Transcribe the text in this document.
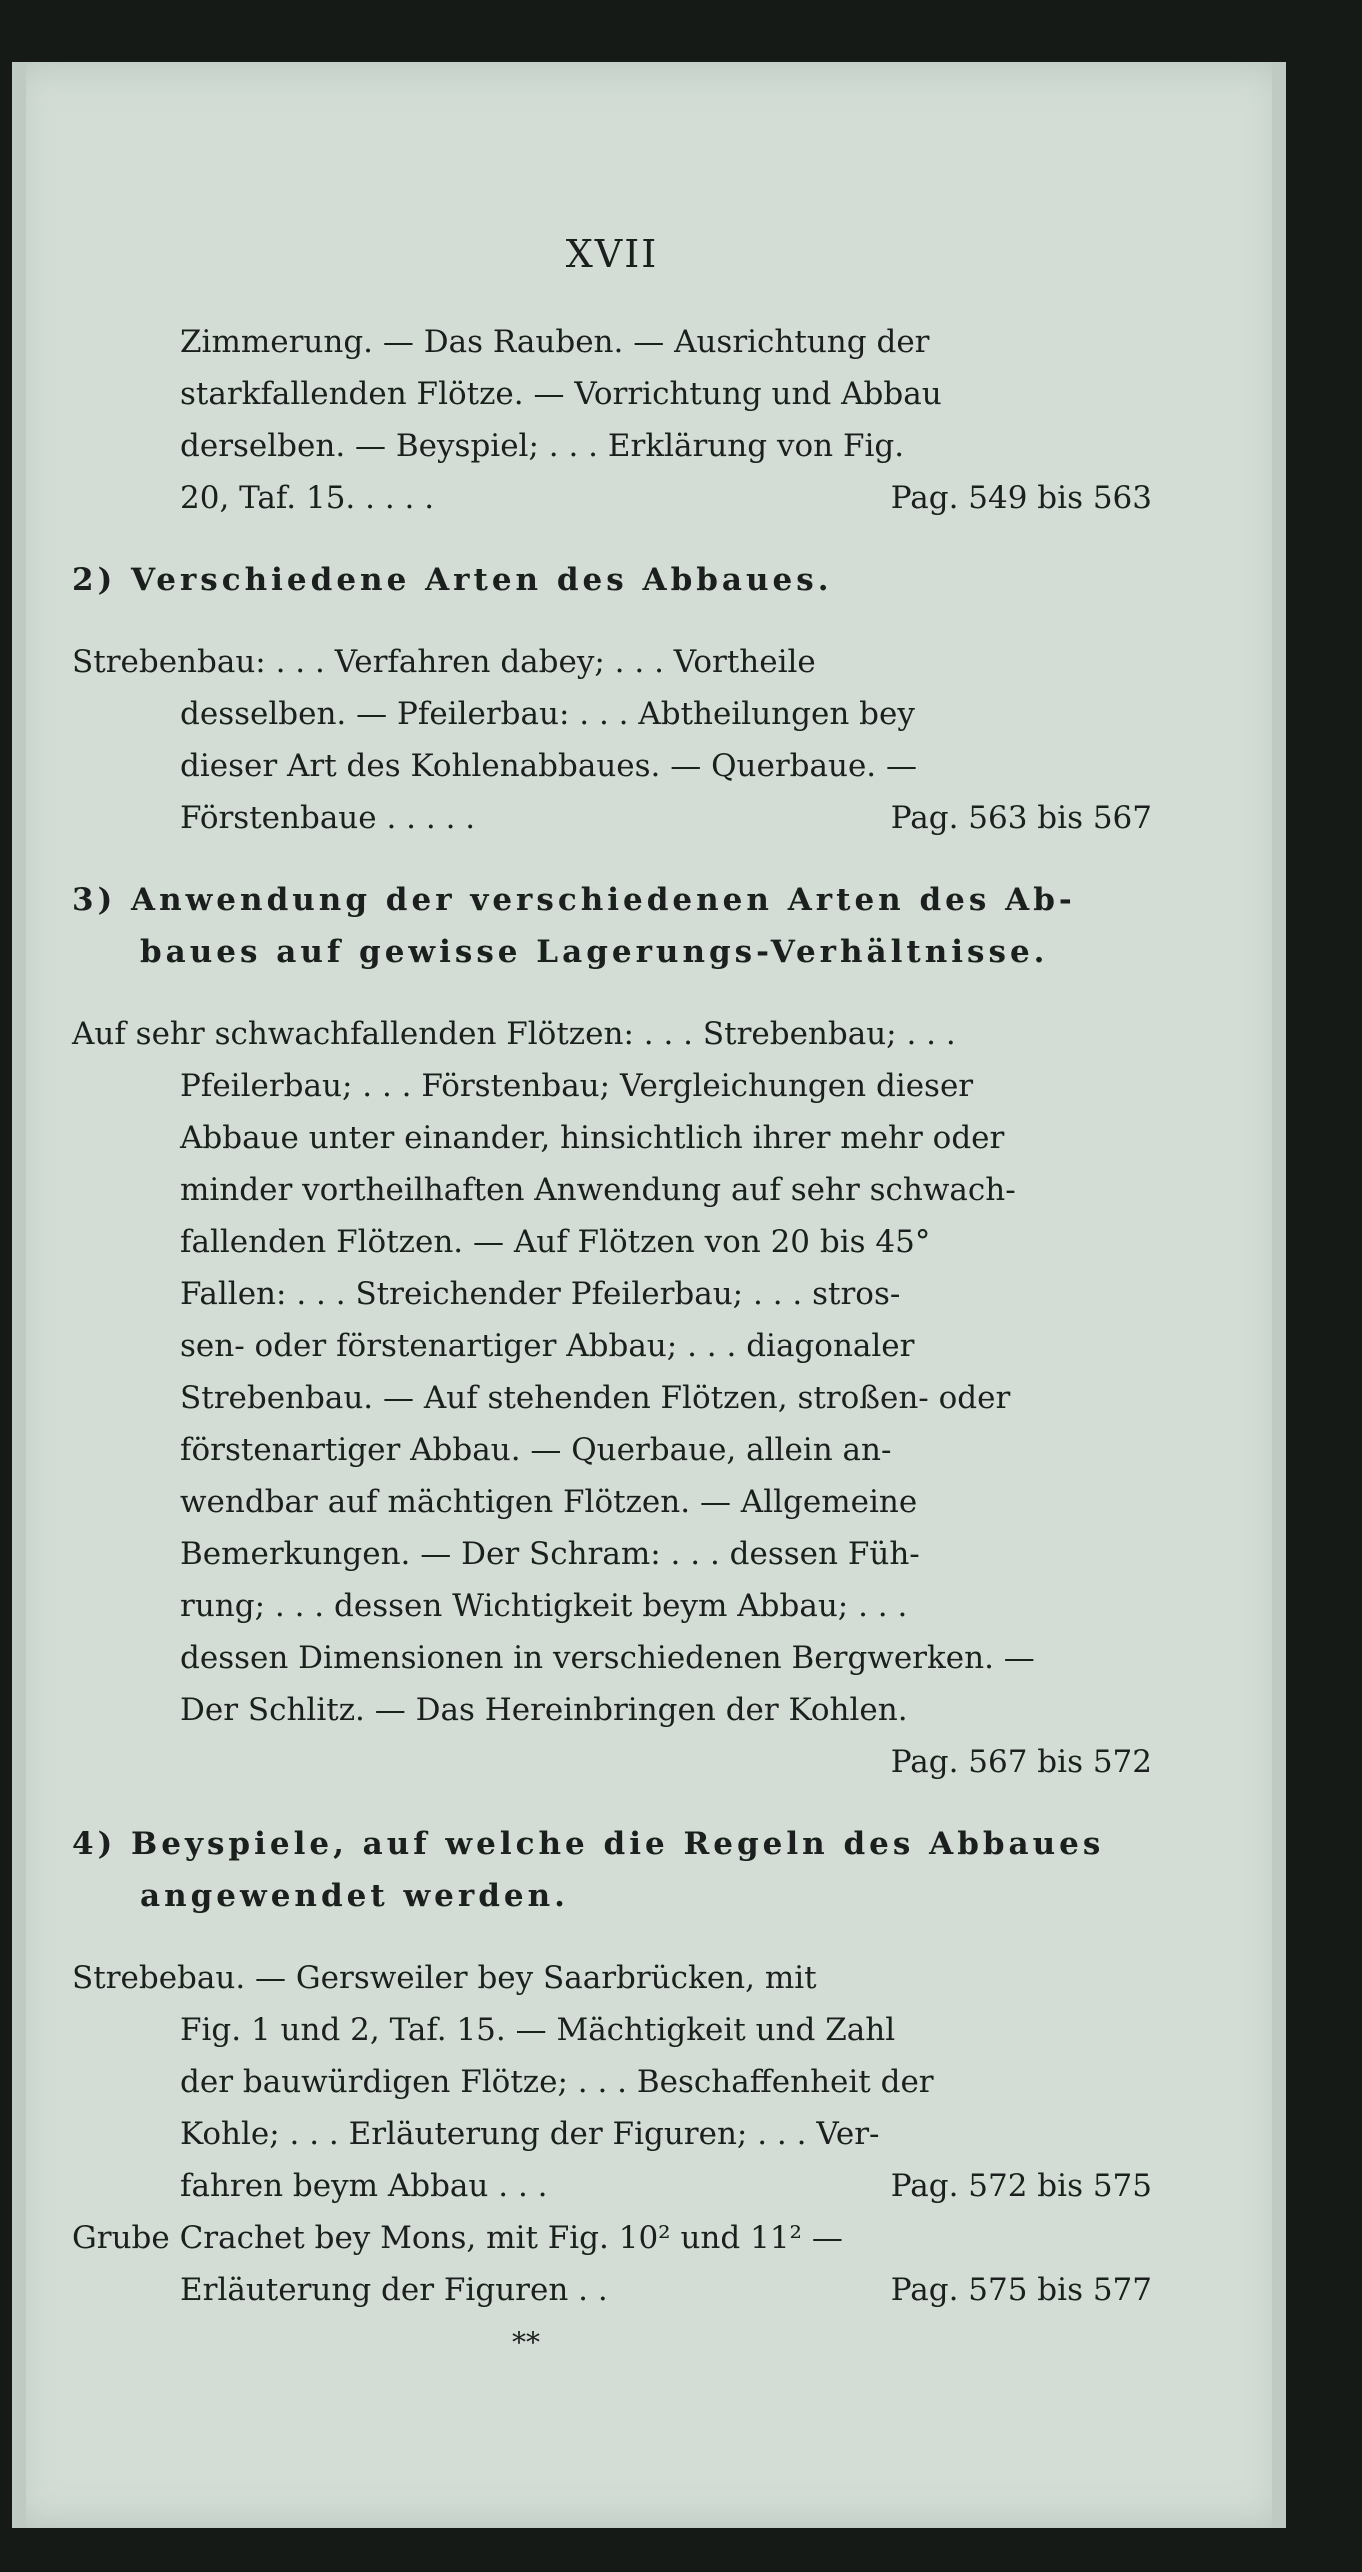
XVII
Zimmerung. — Das Rauben. — Ausrichtung der
starkfallenden Flötze. — Vorrichtung und Abbau
derselben. — Beyspiel; . . . Erklärung von Fig.
20, Taf. 15. . . . .	Pag. 549 bis 563
2) Verschiedene Arten des Abbaues.
Strebenbau: . . . Verfahren dabey; . . . Vortheile
desselben. — Pfeilerbau: . . . Abtheilungen bey
dieser Art des Kohlenabbaues. — Querbaue. —
Förstenbaue . . . . .	Pag. 563 bis 567
3) Anwendung der verschiedenen Arten des Ab-
baues auf gewisse Lagerungs-Verhältnisse.
Auf sehr schwachfallenden Flötzen: . . . Strebenbau; . . .
Pfeilerbau; . . . Förstenbau; Vergleichungen dieser
Abbaue unter einander, hinsichtlich ihrer mehr oder
minder vortheilhaften Anwendung auf sehr schwach-
fallenden Flötzen. — Auf Flötzen von 20 bis 45°
Fallen: . . . Streichender Pfeilerbau; . . . stros-
sen- oder förstenartiger Abbau; . . . diagonaler
Strebenbau. — Auf stehenden Flötzen, stroßen- oder
förstenartiger Abbau. — Querbaue, allein an-
wendbar auf mächtigen Flötzen. — Allgemeine
Bemerkungen. — Der Schram: . . . dessen Füh-
rung; . . . dessen Wichtigkeit beym Abbau; . . .
dessen Dimensionen in verschiedenen Bergwerken. —
Der Schlitz. — Das Hereinbringen der Kohlen.
Pag. 567 bis 572
4) Beyspiele, auf welche die Regeln des Abbaues
angewendet werden.
Strebebau. — Gersweiler bey Saarbrücken, mit
Fig. 1 und 2, Taf. 15. — Mächtigkeit und Zahl
der bauwürdigen Flötze; . . . Beschaffenheit der
Kohle; . . . Erläuterung der Figuren; . . . Ver-
fahren beym Abbau . . .	Pag. 572 bis 575
Grube Crachet bey Mons, mit Fig. 10² und 11² —
Erläuterung der Figuren . .	Pag. 575 bis 577
**
